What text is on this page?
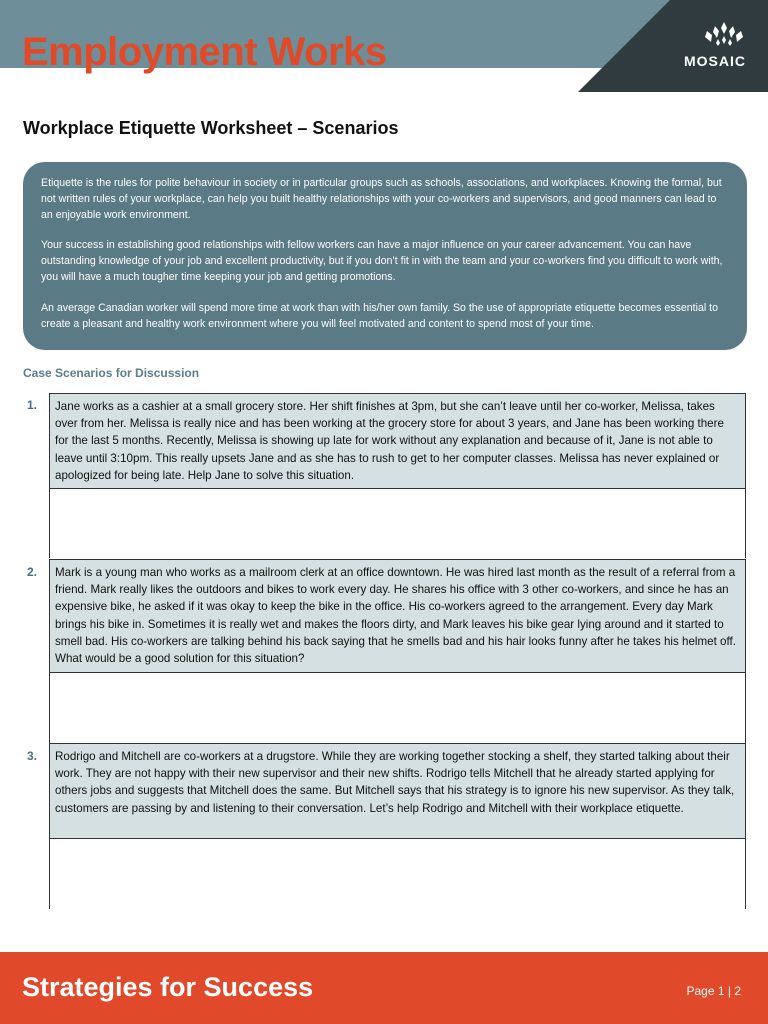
Employment Works	MOSAIC
Workplace Etiquette Worksheet – Scenarios

Etiquette is the rules for polite behaviour in society or in particular groups such as schools, associations, and workplaces. Knowing the formal, but not written rules of your workplace, can help you built healthy relationships with your co-workers and supervisors, and good manners can lead to an enjoyable work environment.

Your success in establishing good relationships with fellow workers can have a major influence on your career advancement. You can have outstanding knowledge of your job and excellent productivity, but if you don’t fit in with the team and your co-workers find you difficult to work with, you will have a much tougher time keeping your job and getting promotions.

An average Canadian worker will spend more time at work than with his/her own family. So the use of appropriate etiquette becomes essential to create a pleasant and healthy work environment where you will feel motivated and content to spend most of your time.

Case Scenarios for Discussion
1.	Jane works as a cashier at a small grocery store. Her shift finishes at 3pm, but she can’t leave until her co-worker, Melissa, takes over from her. Melissa is really nice and has been working at the grocery store for about 3 years, and Jane has been working there for the last 5 months. Recently, Melissa is showing up late for work without any explanation and because of it, Jane is not able to leave until 3:10pm. This really upsets Jane and as she has to rush to get to her computer classes. Melissa has never explained or apologized for being late. Help Jane to solve this situation.
2.	Mark is a young man who works as a mailroom clerk at an office downtown. He was hired last month as the result of a referral from a friend. Mark really likes the outdoors and bikes to work every day. He shares his office with 3 other co-workers, and since he has an expensive bike, he asked if it was okay to keep the bike in the office. His co-workers agreed to the arrangement. Every day Mark brings his bike in. Sometimes it is really wet and makes the floors dirty, and Mark leaves his bike gear lying around and it started to smell bad. His co-workers are talking behind his back saying that he smells bad and his hair looks funny after he takes his helmet off. What would be a good solution for this situation?
3.	Rodrigo and Mitchell are co-workers at a drugstore. While they are working together stocking a shelf, they started talking about their work. They are not happy with their new supervisor and their new shifts. Rodrigo tells Mitchell that he already started applying for others jobs and suggests that Mitchell does the same. But Mitchell says that his strategy is to ignore his new supervisor. As they talk, customers are passing by and listening to their conversation. Let’s help Rodrigo and Mitchell with their workplace etiquette.
Strategies for Success	Page 1 | 2
